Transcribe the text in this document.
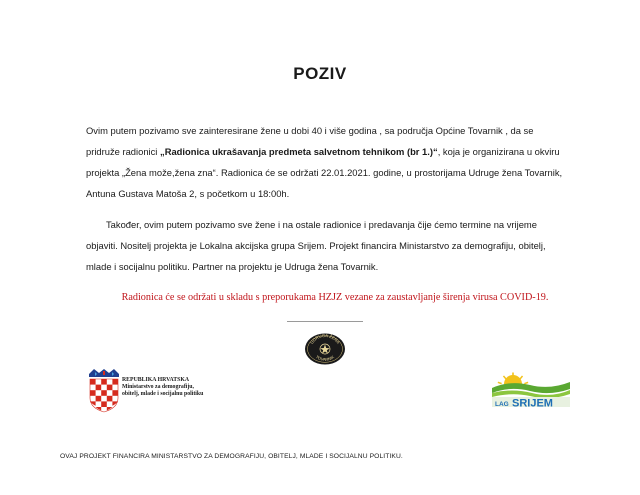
POZIV
Ovim putem pozivamo sve zainteresirane žene u dobi 40 i više godina , sa područja Općine Tovarnik , da se
pridruže radionici „Radionica ukrašavanja predmeta salvetnom tehnikom (br 1.)“, koja je organizirana u okviru
projekta „Žena može,žena zna“. Radionica će se održati 22.01.2021. godine, u prostorijama Udruge žena Tovarnik,
Antuna Gustava Matoša 2, s početkom u 18:00h.
Također, ovim putem pozivamo sve žene i na ostale radionice i predavanja čije ćemo termine na vrijeme
objaviti. Nositelj projekta je Lokalna akcijska grupa Srijem. Projekt financira Ministarstvo za demografiju, obitelj,
mlade i socijalnu politiku. Partner na projektu je Udruga žena Tovarnik.
Radionica će se održati u skladu s preporukama HZJZ vezane za zaustavljanje širenja virusa COVID-19.
UDRUGA ŽENA
TOVARNIK
REPUBLIKA HRVATSKA
Ministarstvo za demografiju,
obitelj, mlade i socijalnu politiku
LAG SRIJEM
OVAJ PROJEKT FINANCIRA MINISTARSTVO ZA DEMOGRAFIJU, OBITELJ, MLADE I SOCIJALNU POLITIKU.
